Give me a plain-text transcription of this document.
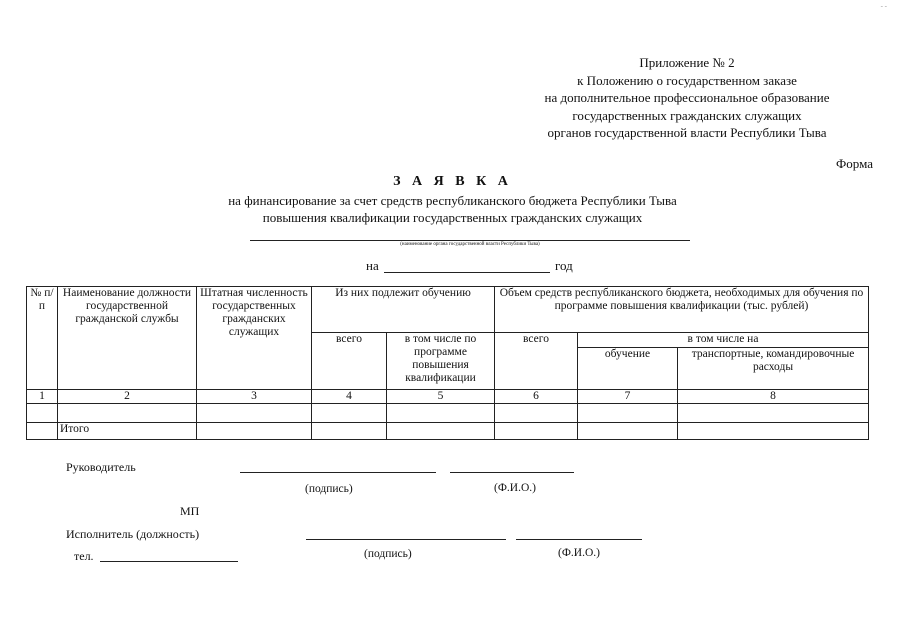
- -
Приложение № 2
к Положению о государственном заказе
на дополнительное профессиональное образование
государственных гражданских служащих
органов государственной власти Республики Тыва
Форма
З А Я В К А
на финансирование за счет средств республиканского бюджета Республики Тыва
повышения квалификации государственных гражданских служащих
(наименование органа государственной власти Республики Тыва)
на	год
№ п/п	Наименование должности государственной гражданской службы	Штатная численность государственных гражданских служащих	Из них подлежит обучению		Объем средств республиканского бюджета, необходимых для обучения по программе повышения квалификации (тыс. рублей)		
			всего	в том числе по программе повышения квалификации	всего	в том числе на	
						обучение	транспортные, командировочные расходы
1	2	3	4	5	6	7	8

	Итого						
Руководитель
(подпись)	(Ф.И.О.)
МП
Исполнитель (должность)
тел.	(подпись)	(Ф.И.О.)
